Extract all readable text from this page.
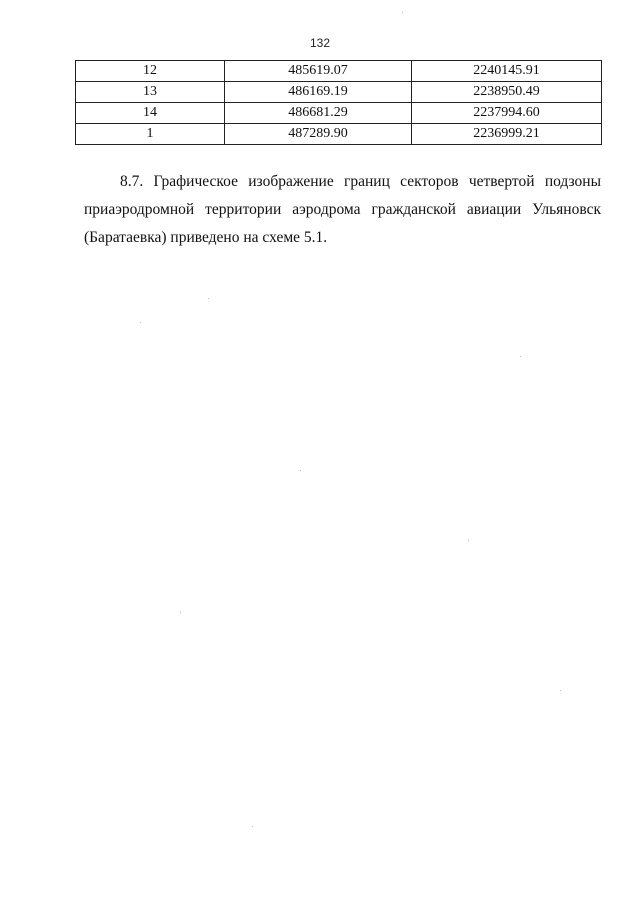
132
12	485619.07	2240145.91
13	486169.19	2238950.49
14	486681.29	2237994.60
1	487289.90	2236999.21

8.7. Графическое изображение границ секторов четвертой подзоны
приаэродромной территории аэродрома гражданской авиации Ульяновск
(Баратаевка) приведено на схеме 5.1.
